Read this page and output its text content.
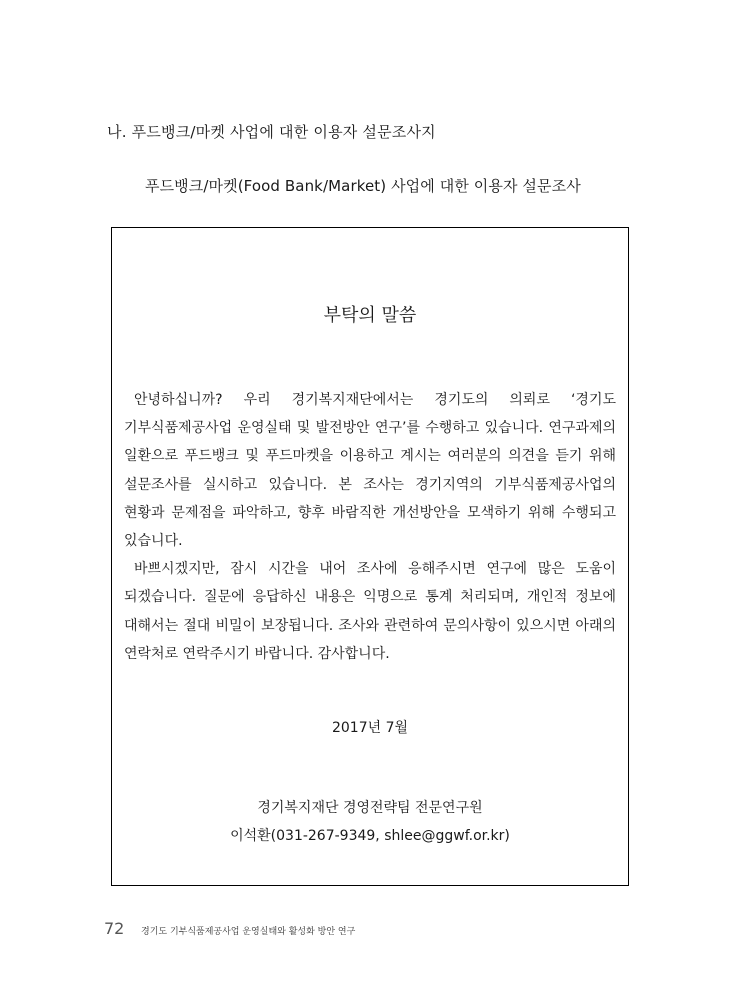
나. 푸드뱅크/마켓 사업에 대한 이용자 설문조사지
푸드뱅크/마켓(Food Bank/Market) 사업에 대한 이용자 설문조사
부탁의 말씀

안녕하십니까? 우리 경기복지재단에서는 경기도의 의뢰로 ‘경기도 기부식품제공사업 운영실태 및 발전방안 연구’를 수행하고 있습니다. 연구과제의 일환으로 푸드뱅크 및 푸드마켓을 이용하고 계시는 여러분의 의견을 듣기 위해 설문조사를 실시하고 있습니다. 본 조사는 경기지역의 기부식품제공사업의 현황과 문제점을 파악하고, 향후 바람직한 개선방안을 모색하기 위해 수행되고 있습니다.

바쁘시겠지만, 잠시 시간을 내어 조사에 응해주시면 연구에 많은 도움이 되겠습니다. 질문에 응답하신 내용은 익명으로 통계 처리되며, 개인적 정보에 대해서는 절대 비밀이 보장됩니다. 조사와 관련하여 문의사항이 있으시면 아래의 연락처로 연락주시기 바랍니다. 감사합니다.

2017년 7월
경기복지재단 경영전략팀 전문연구원
이석환(031-267-9349, shlee@ggwf.or.kr)
72 경기도 기부식품제공사업 운영실태와 활성화 방안 연구
